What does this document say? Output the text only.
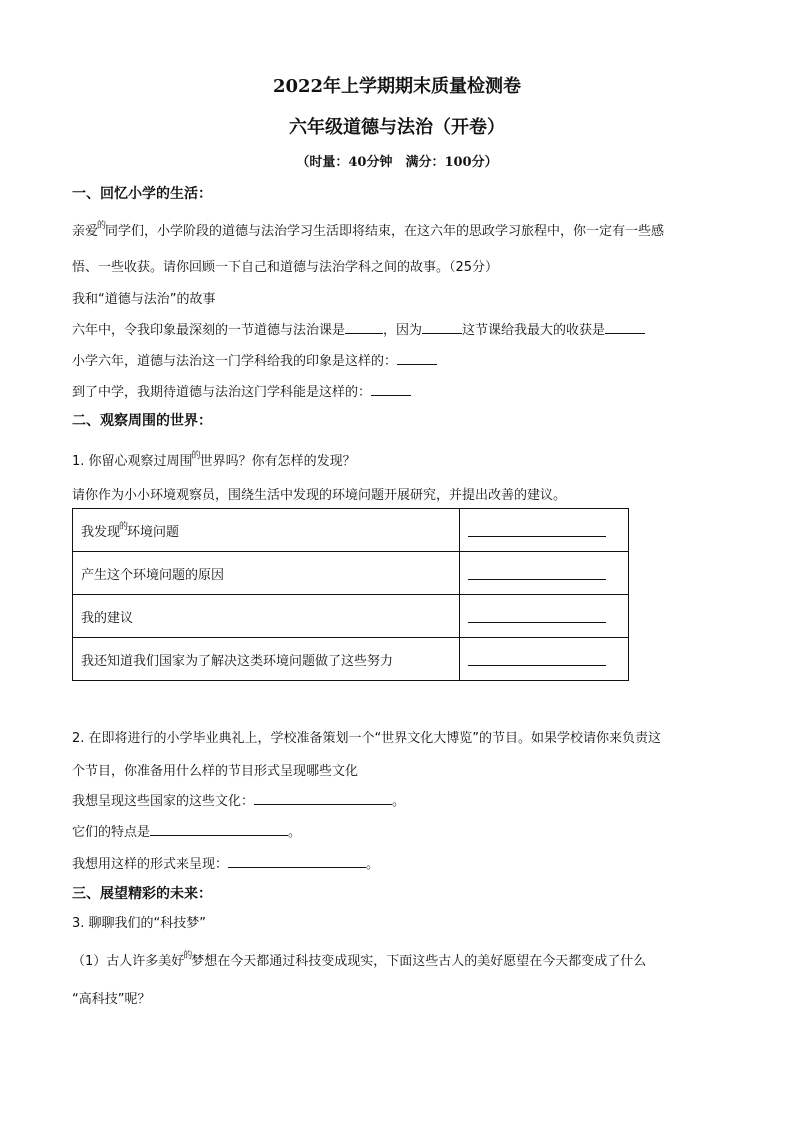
2022年上学期期末质量检测卷
六年级道德与法治（开卷）
（时量：40分钟　满分：100分）
一、回忆小学的生活：
亲爱$^的$同学们，小学阶段的道德与法治学习生活即将结束，在这六年的思政学习旅程中，你一定有一些感
悟、一些收获。请你回顾一下自己和道德与法治学科之间的故事。（25分）
我和“道德与法治”的故事
六年中，令我印象最深刻的一节道德与法治课是	，因为	这节课给我最大的收获是
小学六年，道德与法治这一门学科给我的印象是这样的：
到了中学，我期待道德与法治这门学科能是这样的：
二、观察周围的世界：
1. 你留心观察过周围$^的$世界吗？你有怎样的发现？
请你作为小小环境观察员，围绕生活中发现的环境问题开展研究，并提出改善的建议。
我发现$^的$环境问题	

产生这个环境问题的原因	

我的建议	

我还知道我们国家为了解决这类环境问题做了这些努力	
2. 在即将进行的小学毕业典礼上，学校准备策划一个“世界文化大博览”的节目。如果学校请你来负责这
个节目，你准备用什么样的节目形式呈现哪些文化
我想呈现这些国家的这些文化：	。
它们的特点是	。
我想用这样的形式来呈现：	。
三、展望精彩的未来：
3. 聊聊我们的“科技梦”
（1）古人许多美好$^的$梦想在今天都通过科技变成现实，下面这些古人的美好愿望在今天都变成了什么
“高科技”呢？
